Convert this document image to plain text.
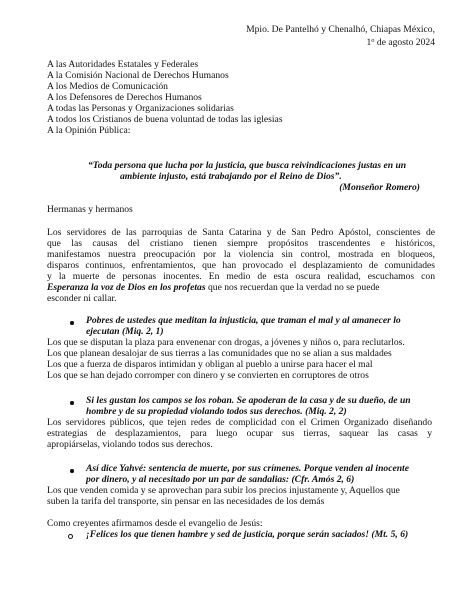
Mpio. De Pantelhó y Chenalhó, Chiapas México,

1$^o$ de agosto 2024

A las Autoridades Estatales y Federales

A la Comisión Nacional de Derechos Humanos

A los Medios de Comunicación

A los Defensores de Derechos Humanos

A todas las Personas y Organizaciones solidarias

A todos los Cristianos de buena voluntad de todas las iglesias

A la Opinión Pública:

“Toda persona que lucha por la justicia, que busca reivindicaciones justas en un

ambiente injusto, está trabajando por el Reino de Dios”.

(Monseñor Romero)

Hermanas y hermanos

Los servidores de las parroquias de Santa Catarina y de San Pedro Apóstol, conscientes de

que las causas del cristiano tienen siempre propósitos trascendentes e históricos,

manifestamos nuestra preocupación por la violencia sin control, mostrada en bloqueos,

disparos continuos, enfrentamientos, que han provocado el desplazamiento de comunidades

y la muerte de personas inocentes. En medio de esta oscura realidad, escuchamos con

Esperanza la voz de Dios en los profetas que nos recuerdan que la verdad no se puede

esconder ni callar.

Pobres de ustedes que meditan la injusticia, que traman el mal y al amanecer lo

ejecutan (Miq. 2, 1)

Los que se disputan la plaza para envenenar con drogas, a jóvenes y niños o, para reclutarlos.

Los que planean desalojar de sus tierras a las comunidades que no se alian a sus maldades

Los que a fuerza de disparos intimidan y obligan al pueblo a unirse para hacer el mal

Los que se han dejado corromper con dinero y se convierten en corruptores de otros

Si les gustan los campos se los roban. Se apoderan de la casa y de su dueño, de un

hombre y de su propiedad violando todos sus derechos. (Miq. 2, 2)

Los servidores públicos, que tejen redes de complicidad con el Crimen Organizado diseñando

estrategias de desplazamientos, para luego ocupar sus tierras, saquear las casas y

apropiárselas, violando todos sus derechos.

Así dice Yahvé: sentencia de muerte, por sus crímenes. Porque venden al inocente

por dinero, y al necesitado por un par de sandalias: (Cfr. Amós 2, 6)

Los que venden comida y se aprovechan para subir los precios injustamente y, Aquellos que

suben la tarifa del transporte, sin pensar en las necesidades de los demás

Como creyentes afirmamos desde el evangelio de Jesús:

¡Felices los que tienen hambre y sed de justicia, porque serán saciados! (Mt. 5, 6)
